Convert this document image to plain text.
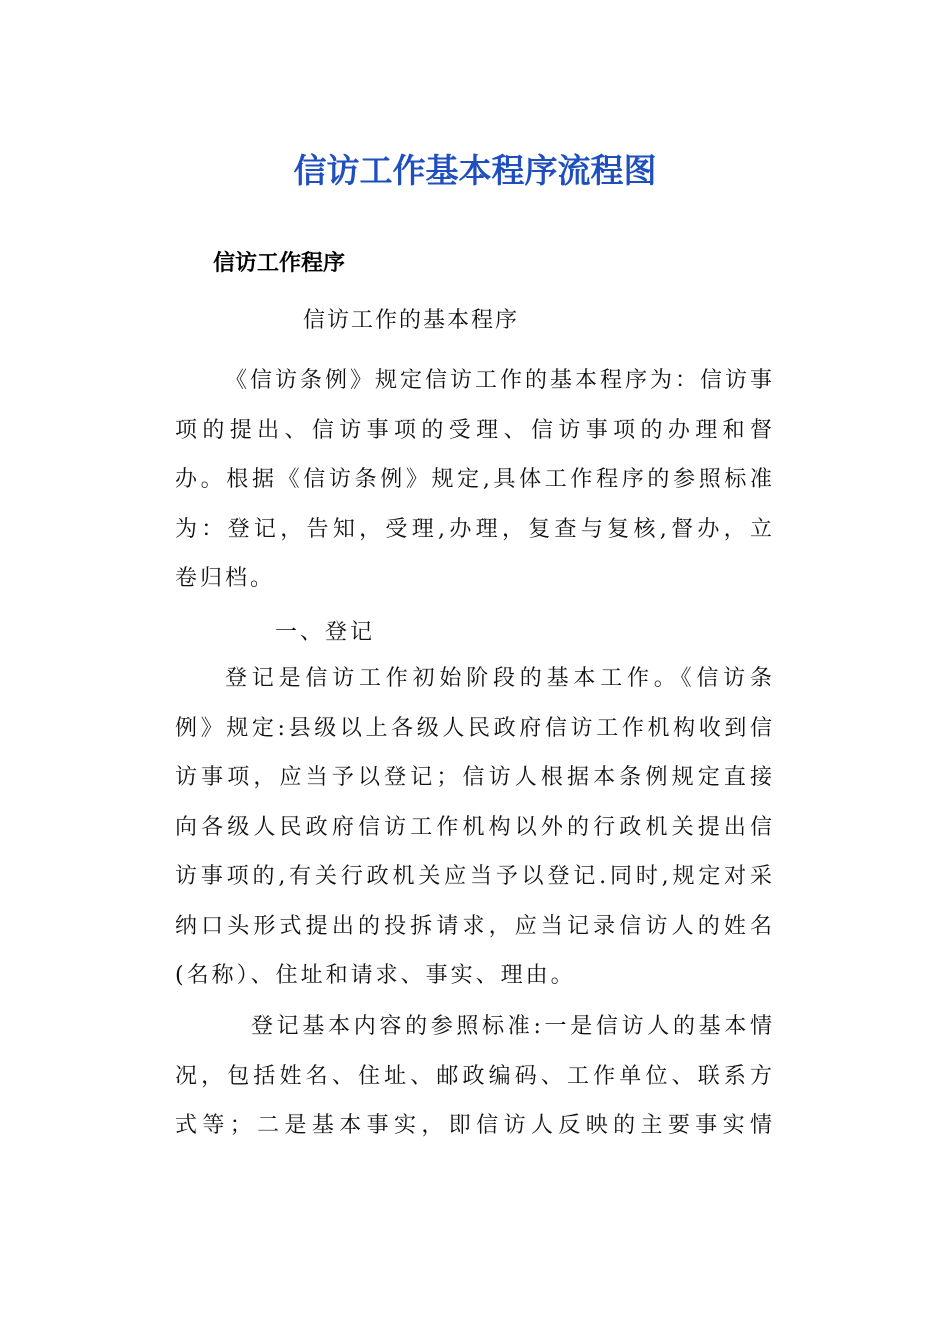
信访工作基本程序流程图
信访工作程序
信访工作的基本程序
《信访条例》规定信访工作的基本程序为：信访事
项的提出、信访事项的受理、信访事项的办理和督
办。根据《信访条例》规定,具体工作程序的参照标准
为：登记，告知，受理,办理，复查与复核,督办，立
卷归档。
一、登记
登记是信访工作初始阶段的基本工作。《信访条
例》规定:县级以上各级人民政府信访工作机构收到信
访事项，应当予以登记；信访人根据本条例规定直接
向各级人民政府信访工作机构以外的行政机关提出信
访事项的,有关行政机关应当予以登记.同时,规定对采
纳口头形式提出的投拆请求，应当记录信访人的姓名
(名称）、住址和请求、事实、理由。
登记基本内容的参照标准:一是信访人的基本情
况，包括姓名、住址、邮政编码、工作单位、联系方
式等；二是基本事实，即信访人反映的主要事实情
